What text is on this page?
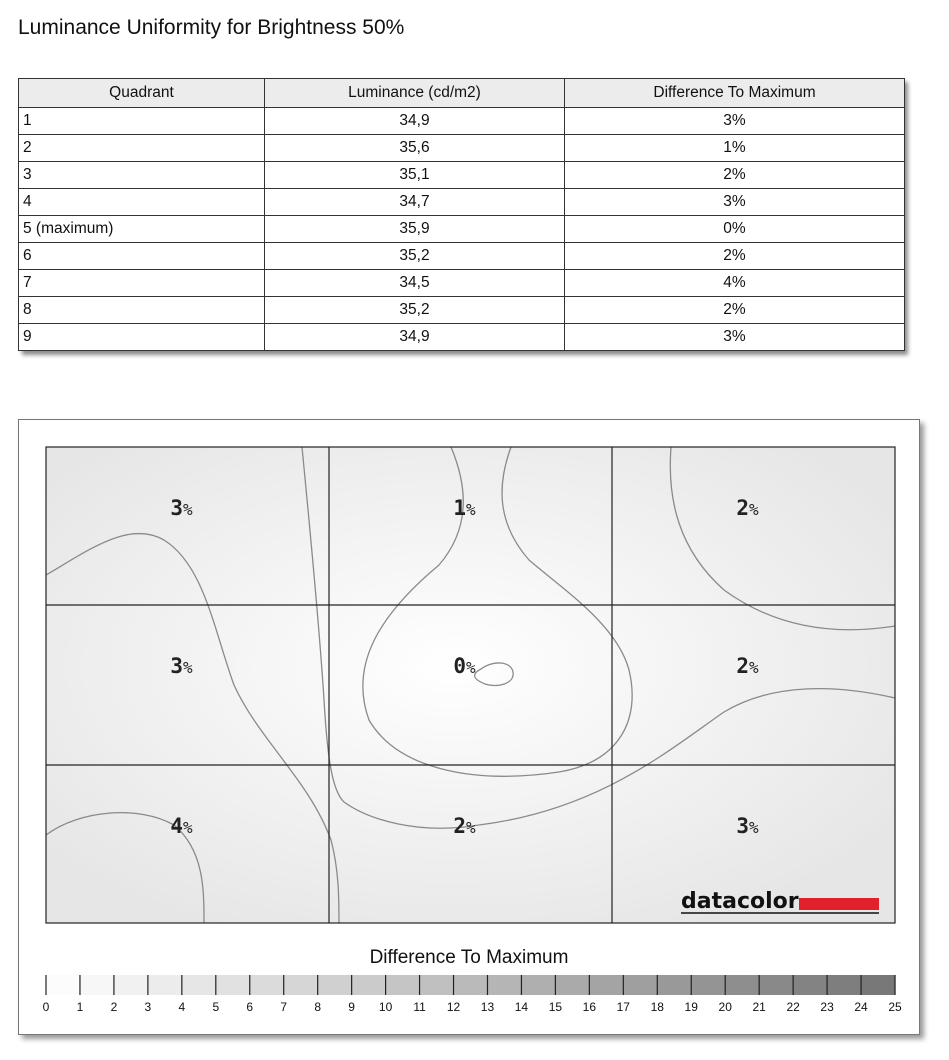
Luminance Uniformity for Brightness 50%
Quadrant	Luminance (cd/m2)	Difference To Maximum
1	34,9	3%
2	35,6	1%
3	35,1	2%
4	34,7	3%
5 (maximum)	35,9	0%
6	35,2	2%
7	34,5	4%
8	35,2	2%
9	34,9	3%
3%	1%	2%
3%	0%	2%
4%	2%	3%
datacolor
Difference To Maximum
0 1 2 3 4 5 6 7 8 9 10 11 12 13 14 15 16 17 18 19 20 21 22 23 24 25
